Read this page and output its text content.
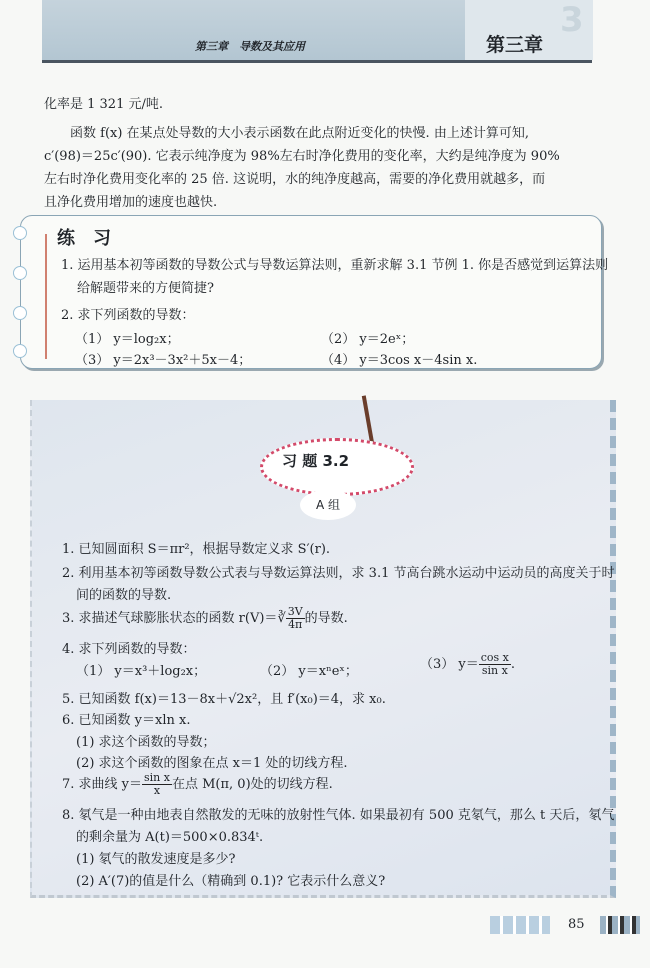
3
第三章　导数及其应用	第三章
化率是 1 321 元/吨.
　　函数 f(x) 在某点处导数的大小表示函数在此点附近变化的快慢. 由上述计算可知,
c′(98)＝25c′(90). 它表示纯净度为 98%左右时净化费用的变化率，大约是纯净度为 90%
左右时净化费用变化率的 25 倍. 这说明，水的纯净度越高，需要的净化费用就越多，而
且净化费用增加的速度也越快.
练　习
1. 运用基本初等函数的导数公式与导数运算法则，重新求解 3.1 节例 1. 你是否感觉到运算法则
给解题带来的方便简捷?
2. 求下列函数的导数：
（1） y＝log₂x；	（2） y＝2eˣ；
（3） y＝2x³－3x²＋5x－4；	（4） y＝3cos x－4sin x.
习 题 3.2
A 组
1. 已知圆面积 S＝πr²，根据导数定义求 S′(r).
2. 利用基本初等函数导数公式表与导数运算法则，求 3.1 节高台跳水运动中运动员的高度关于时
间的函数的导数.
3. 求描述气球膨胀状态的函数 r(V)＝∛ $\frac{3V}{4\pi}$ 的导数.
4. 求下列函数的导数：
（1） y＝x³＋log₂x；	（2） y＝xⁿeˣ；	（3） $y= \frac{\text{cos x}}{\text{sin x}}$ .
5. 已知函数 f(x)＝13－8x＋√2x²，且 f′(x₀)＝4，求 x₀.
6. 已知函数 y＝xln x.
(1) 求这个函数的导数；
(2) 求这个函数的图象在点 x＝1 处的切线方程.
7. 求曲线 $y= \frac{\text{sin x}}{x}$ 在点 M(π, 0)处的切线方程.
8. 氡气是一种由地表自然散发的无味的放射性气体. 如果最初有 500 克氡气，那么 t 天后，氡气
的剩余量为 A(t)＝500×0.834ᵗ.
(1) 氡气的散发速度是多少?
(2) A′(7)的值是什么（精确到 0.1)? 它表示什么意义?
85
